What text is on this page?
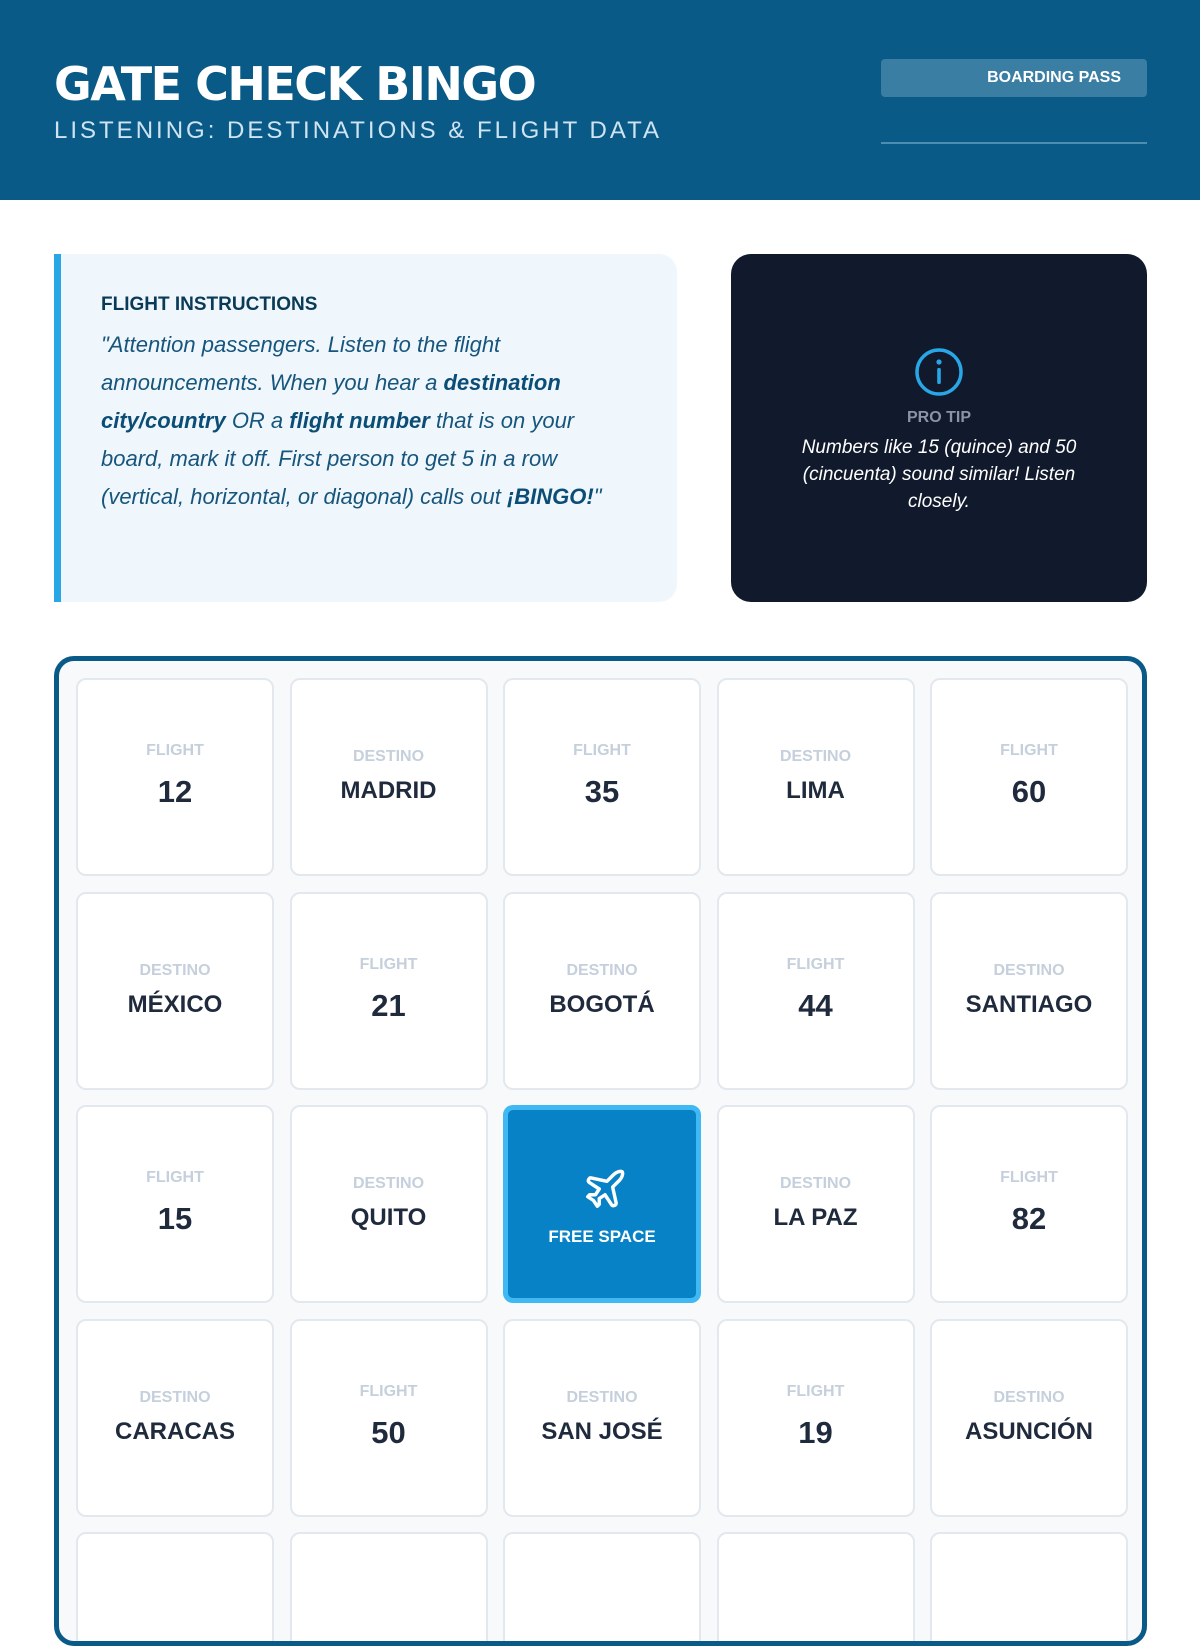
GATE CHECK BINGO
LISTENING: DESTINATIONS & FLIGHT DATA
BOARDING PASS
FLIGHT INSTRUCTIONS
"Attention passengers. Listen to the flight announcements. When you hear a destination city/country OR a flight number that is on your board, mark it off. First person to get 5 in a row (vertical, horizontal, or diagonal) calls out ¡BINGO!"
PRO TIP
Numbers like 15 (quince) and 50 (cincuenta) sound similar! Listen closely.
FLIGHT
12
DESTINO
MADRID
FLIGHT
35
DESTINO
LIMA
FLIGHT
60
DESTINO
MÉXICO
FLIGHT
21
DESTINO
BOGOTÁ
FLIGHT
44
DESTINO
SANTIAGO
FLIGHT
15
DESTINO
QUITO
FREE SPACE
DESTINO
LA PAZ
FLIGHT
82
DESTINO
CARACAS
FLIGHT
50
DESTINO
SAN JOSÉ
FLIGHT
19
DESTINO
ASUNCIÓN
